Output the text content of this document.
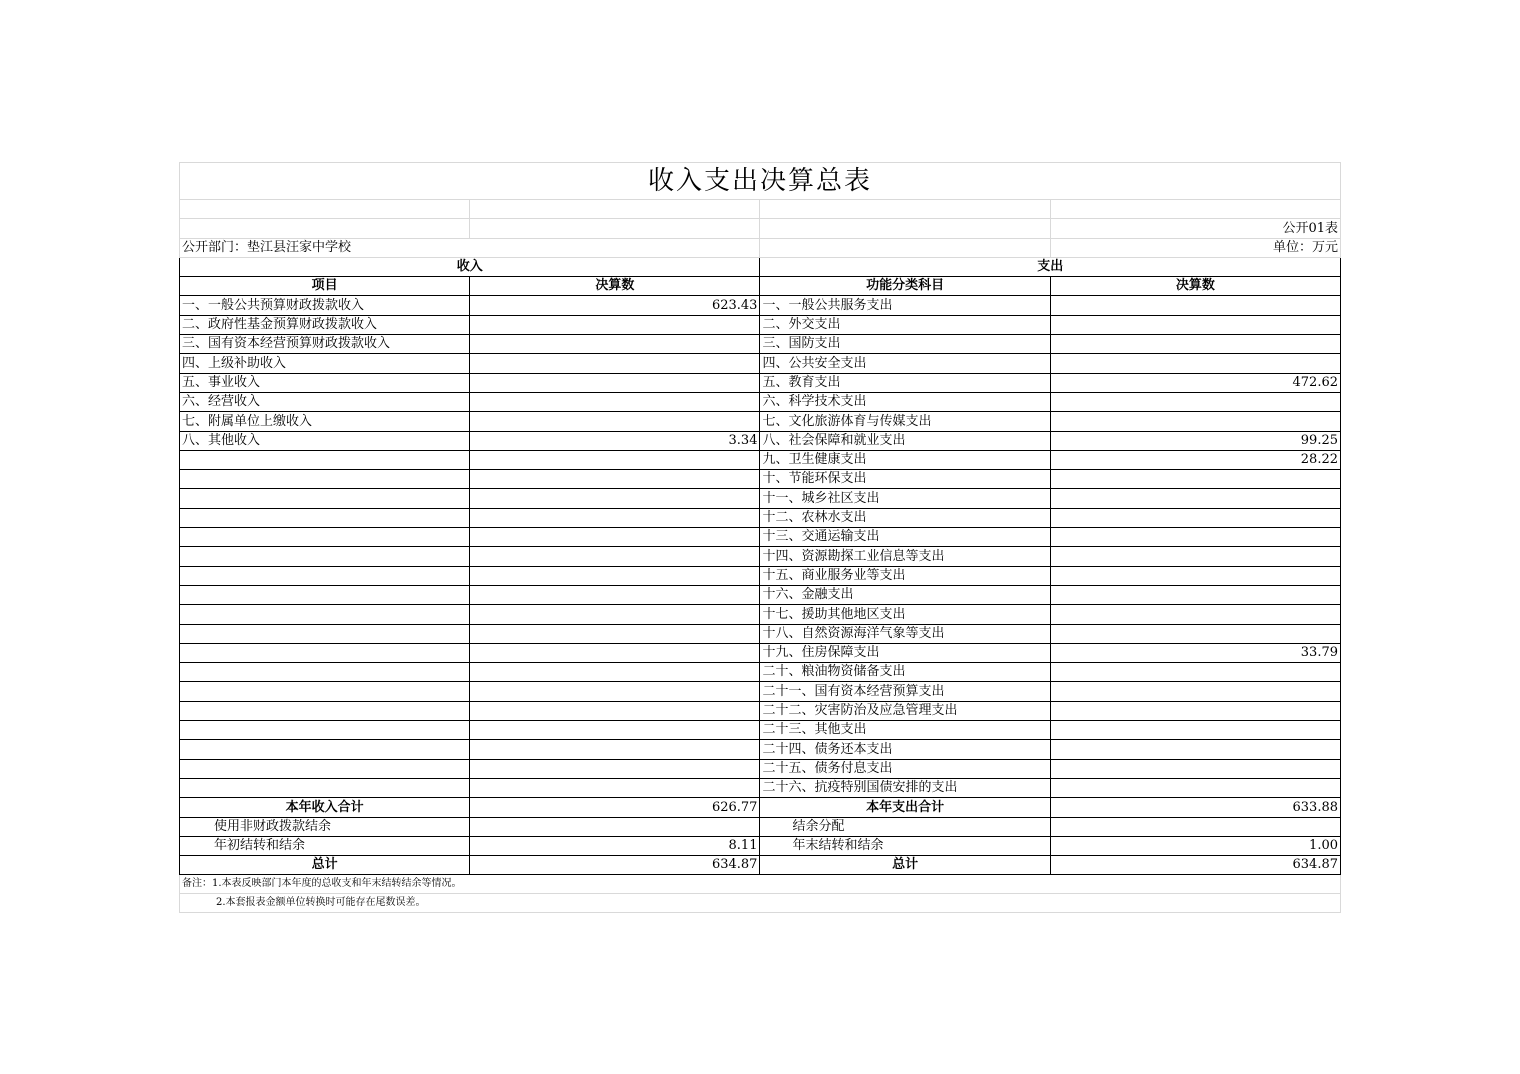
收入支出决算总表			

			公开01表
公开部门：垫江县汪家中学校			单位：万元
收入		支出	
项目	决算数	功能分类科目	决算数
一、一般公共预算财政拨款收入	623.43	一、一般公共服务支出	
二、政府性基金预算财政拨款收入		二、外交支出	
三、国有资本经营预算财政拨款收入		三、国防支出	
四、上级补助收入		四、公共安全支出	
五、事业收入		五、教育支出	472.62
六、经营收入		六、科学技术支出	
七、附属单位上缴收入		七、文化旅游体育与传媒支出	
八、其他收入	3.34	八、社会保障和就业支出	99.25
		九、卫生健康支出	28.22
		十、节能环保支出	
		十一、城乡社区支出	
		十二、农林水支出	
		十三、交通运输支出	
		十四、资源勘探工业信息等支出	
		十五、商业服务业等支出	
		十六、金融支出	
		十七、援助其他地区支出	
		十八、自然资源海洋气象等支出	
		十九、住房保障支出	33.79
		二十、粮油物资储备支出	
		二十一、国有资本经营预算支出	
		二十二、灾害防治及应急管理支出	
		二十三、其他支出	
		二十四、债务还本支出	
		二十五、债务付息支出	
		二十六、抗疫特别国债安排的支出	
本年收入合计	626.77	本年支出合计	633.88
使用非财政拨款结余		结余分配	
年初结转和结余	8.11	年末结转和结余	1.00
总计	634.87	总计	634.87
备注：1.本表反映部门本年度的总收支和年末结转结余等情况。			
2.本套报表金额单位转换时可能存在尾数误差。			
